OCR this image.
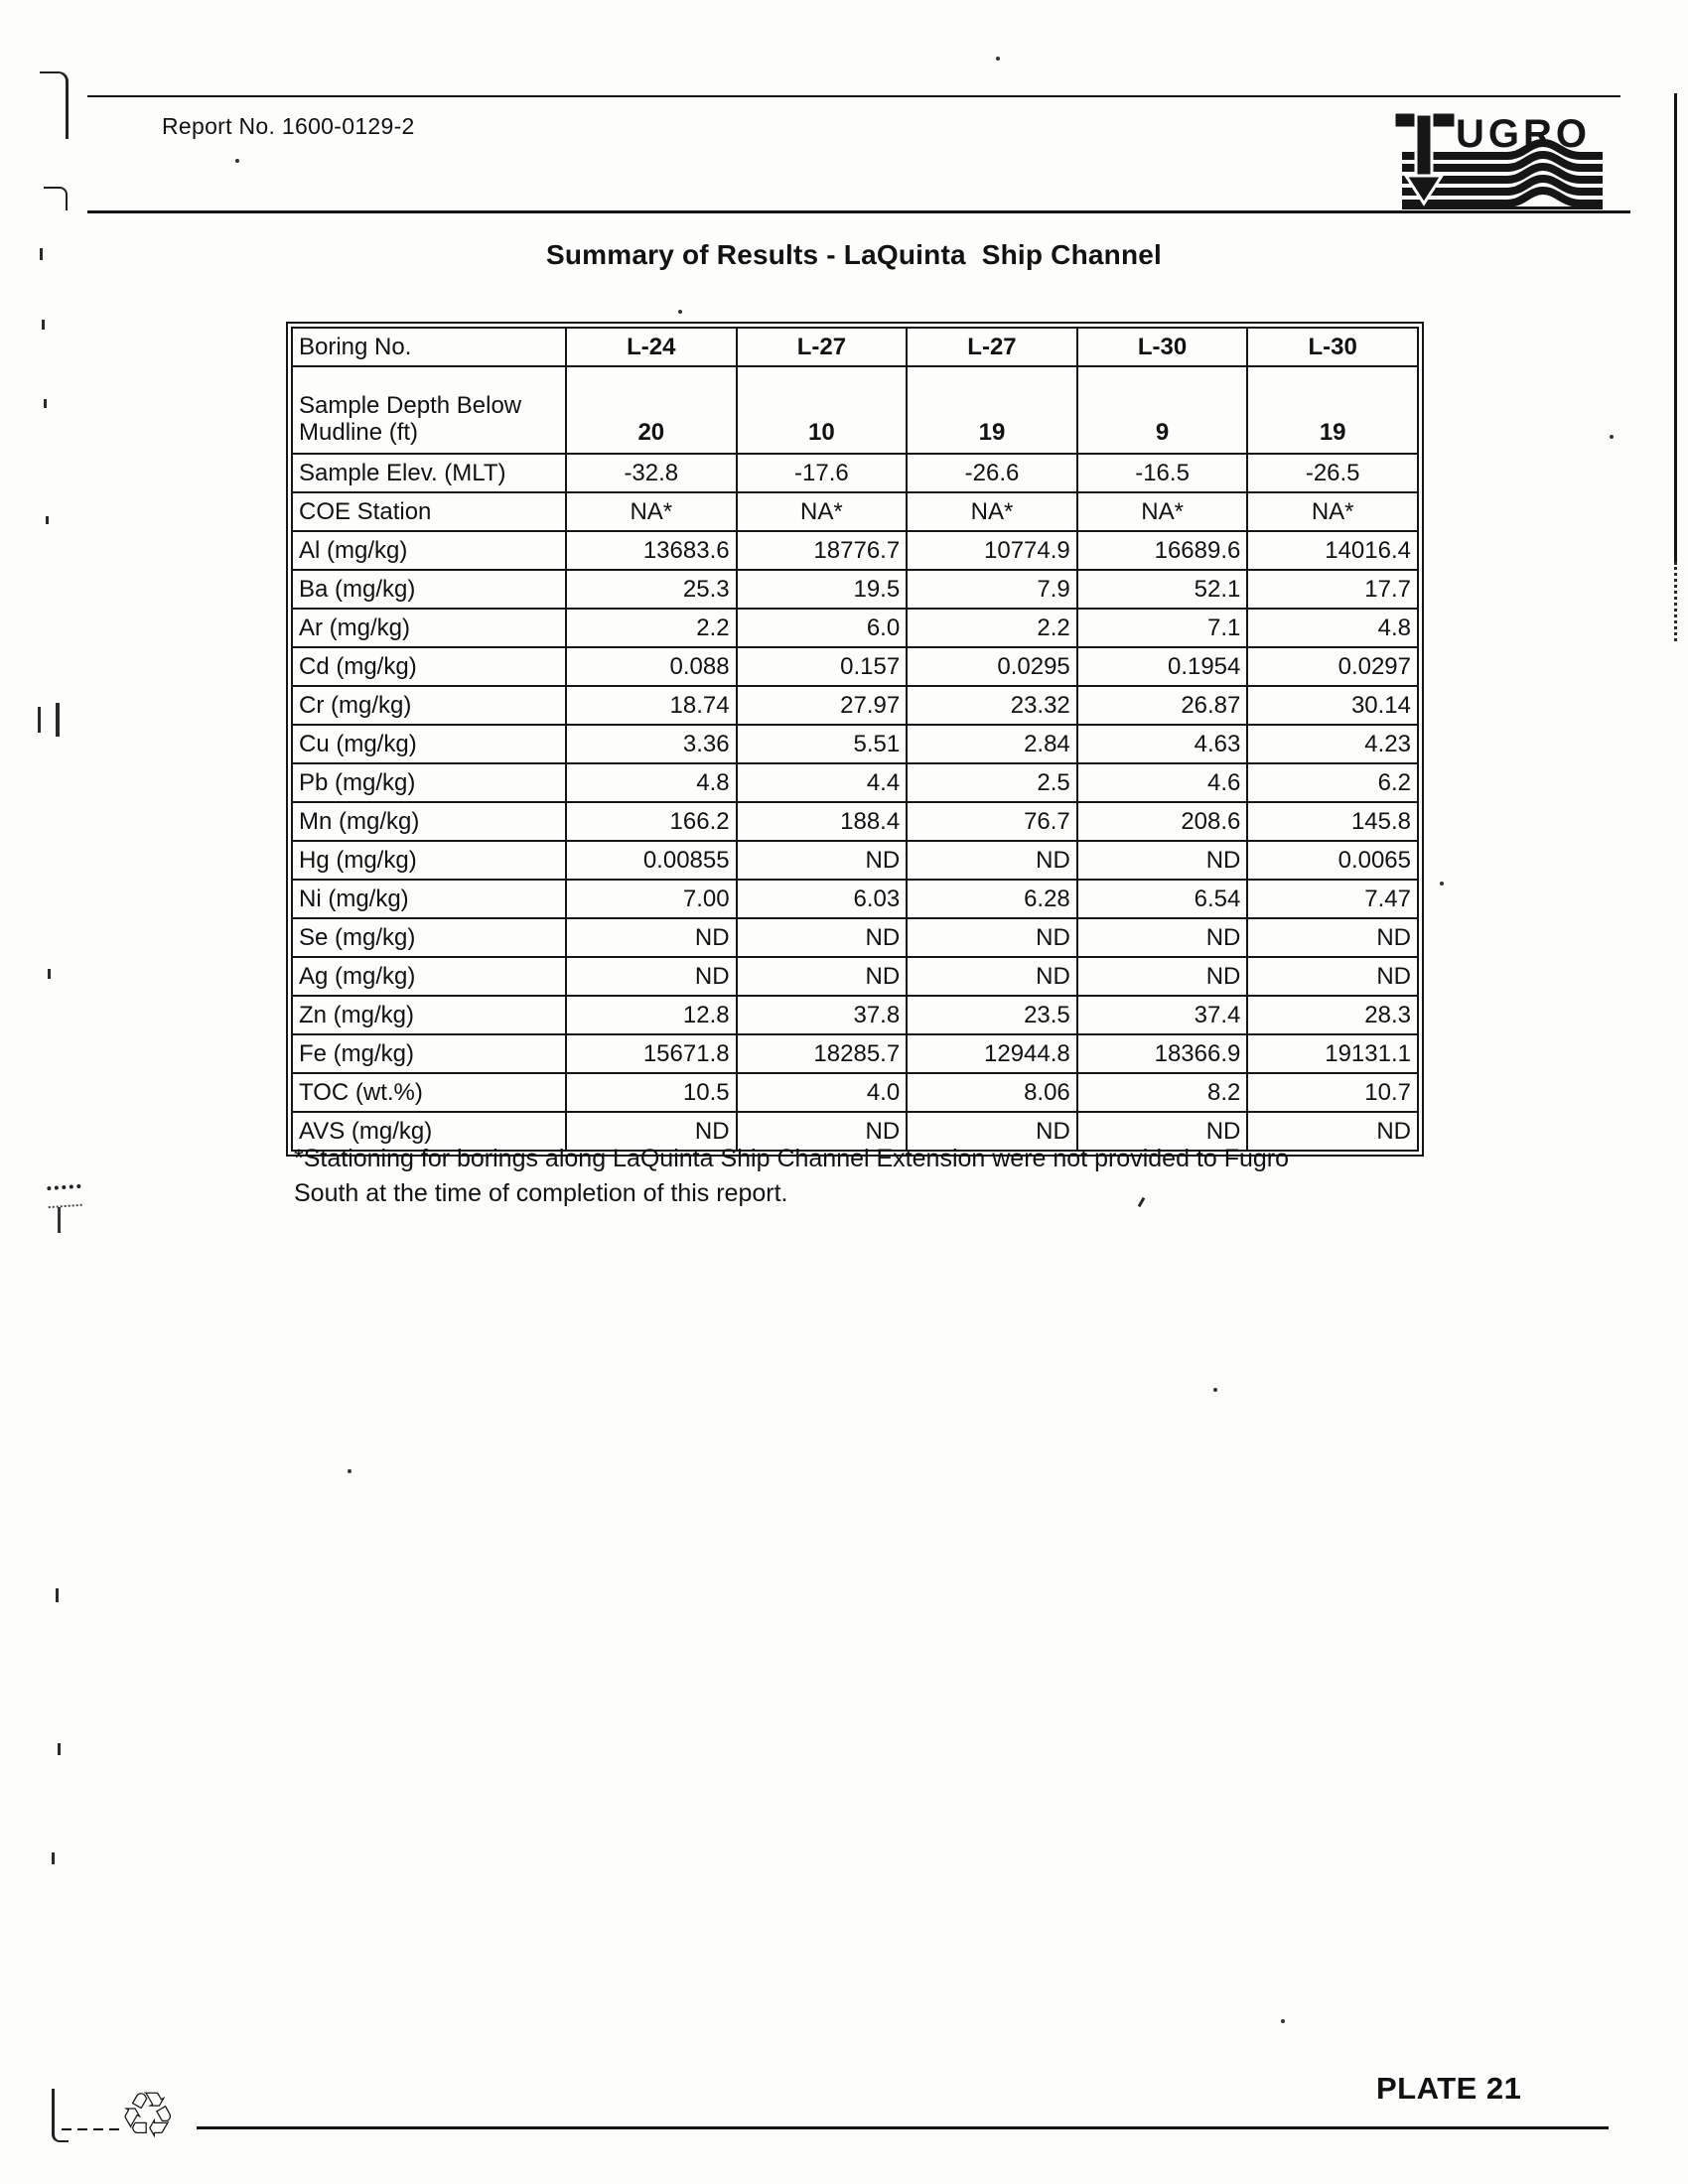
Report No. 1600-0129-2	UGRO
Summary of Results - LaQuinta  Ship Channel
Boring No.	L-24	L-27	L-27	L-30	L-30
Sample Depth Below Mudline (ft)	20	10	19	9	19
Sample Elev. (MLT)	-32.8	-17.6	-26.6	-16.5	-26.5
COE Station	NA*	NA*	NA*	NA*	NA*
Al (mg/kg)	13683.6	18776.7	10774.9	16689.6	14016.4
Ba (mg/kg)	25.3	19.5	7.9	52.1	17.7
Ar (mg/kg)	2.2	6.0	2.2	7.1	4.8
Cd (mg/kg)	0.088	0.157	0.0295	0.1954	0.0297
Cr (mg/kg)	18.74	27.97	23.32	26.87	30.14
Cu (mg/kg)	3.36	5.51	2.84	4.63	4.23
Pb (mg/kg)	4.8	4.4	2.5	4.6	6.2
Mn (mg/kg)	166.2	188.4	76.7	208.6	145.8
Hg (mg/kg)	0.00855	ND	ND	ND	0.0065
Ni (mg/kg)	7.00	6.03	6.28	6.54	7.47
Se (mg/kg)	ND	ND	ND	ND	ND
Ag (mg/kg)	ND	ND	ND	ND	ND
Zn (mg/kg)	12.8	37.8	23.5	37.4	28.3
Fe (mg/kg)	15671.8	18285.7	12944.8	18366.9	19131.1
TOC (wt.%)	10.5	4.0	8.06	8.2	10.7
AVS (mg/kg)	ND	ND	ND	ND	ND
*Stationing for borings along LaQuinta Ship Channel Extension were not provided to Fugro
South at the time of completion of this report.
PLATE 21
♲
